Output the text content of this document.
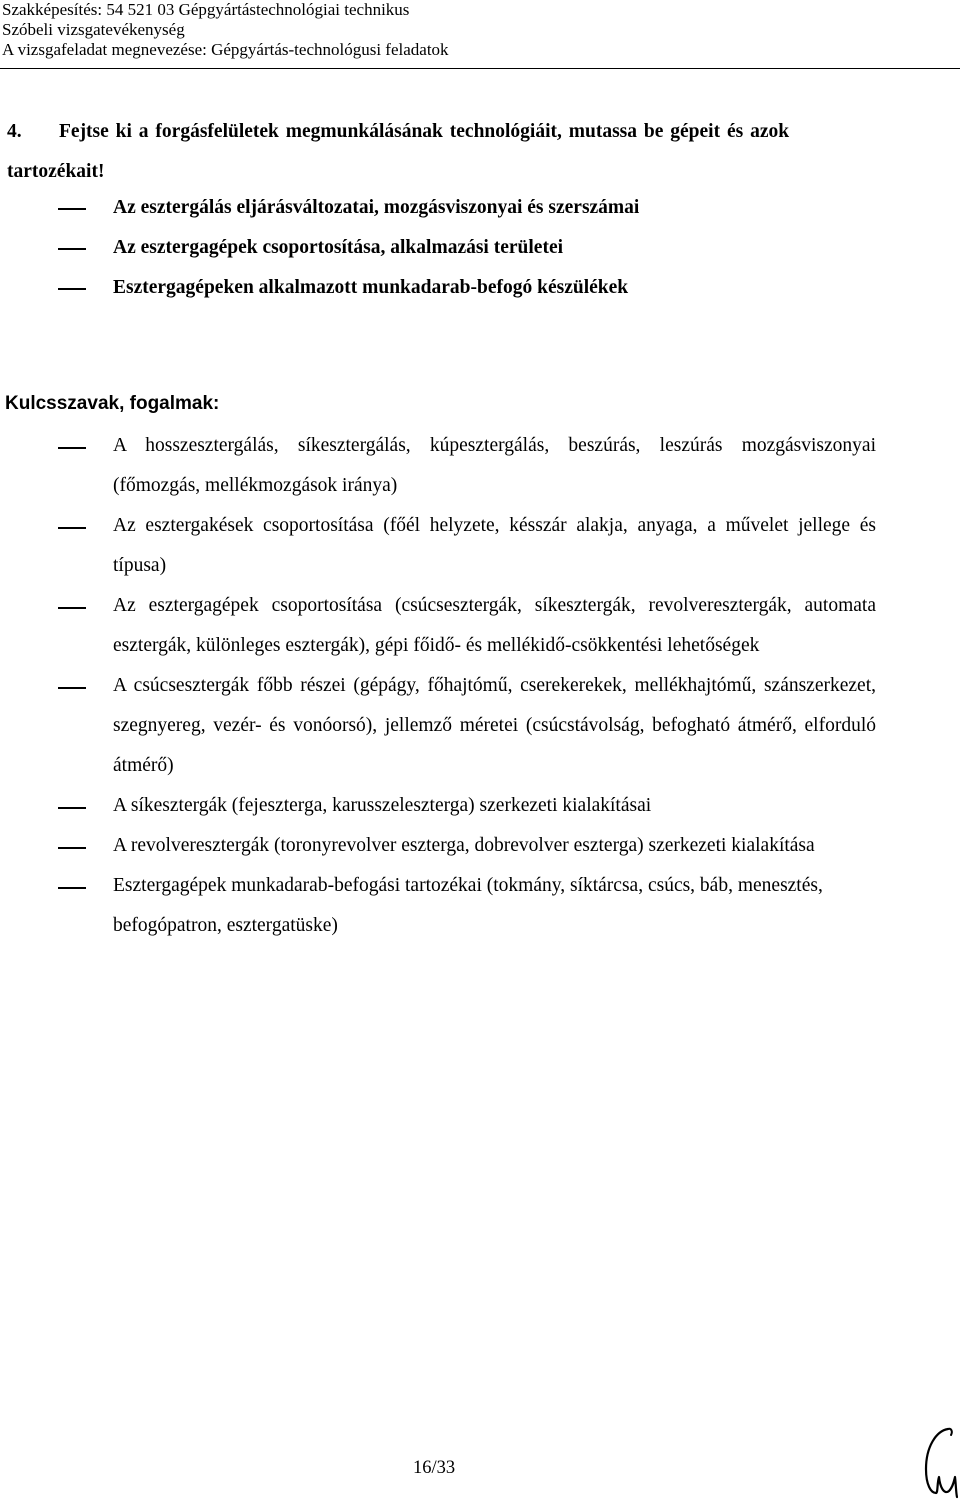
Szakképesítés: 54 521 03 Gépgyártástechnológiai technikus
Szóbeli vizsgatevékenység
A vizsgafeladat megnevezése: Gépgyártás-technológusi feladatok
4. Fejtse ki a forgásfelületek megmunkálásának technológiáit, mutassa be gépeit és azok tartozékait!
Az esztergálás eljárásváltozatai, mozgásviszonyai és szerszámai
Az esztergagépek csoportosítása, alkalmazási területei
Esztergagépeken alkalmazott munkadarab-befogó készülékek
Kulcsszavak, fogalmak:
A hosszesztergálás, síkesztergálás, kúpesztergálás, beszúrás, leszúrás mozgásviszonyai (főmozgás, mellékmozgások iránya)
Az esztergakések csoportosítása (főél helyzete, késszár alakja, anyaga, a művelet jellege és típusa)
Az esztergagépek csoportosítása (csúcsesztergák, síkesztergák, revolveresztergák, automata esztergák, különleges esztergák), gépi főidő- és mellékidő-csökkentési lehetőségek
A csúcsesztergák főbb részei (gépágy, főhajtómű, cserekerekek, mellékhajtómű, szánszerkezet, szegnyereg, vezér- és vonóorsó), jellemző méretei (csúcstávolság, befogható átmérő, elforduló átmérő)
A síkesztergák (fejeszterga, karusszeleszterga) szerkezeti kialakításai
A revolveresztergák (toronyrevolver eszterga, dobrevolver eszterga) szerkezeti kialakítása
Esztergagépek munkadarab-befogási tartozékai (tokmány, síktárcsa, csúcs, báb, menesztés, befogópatron, esztergatüske)
16/33
